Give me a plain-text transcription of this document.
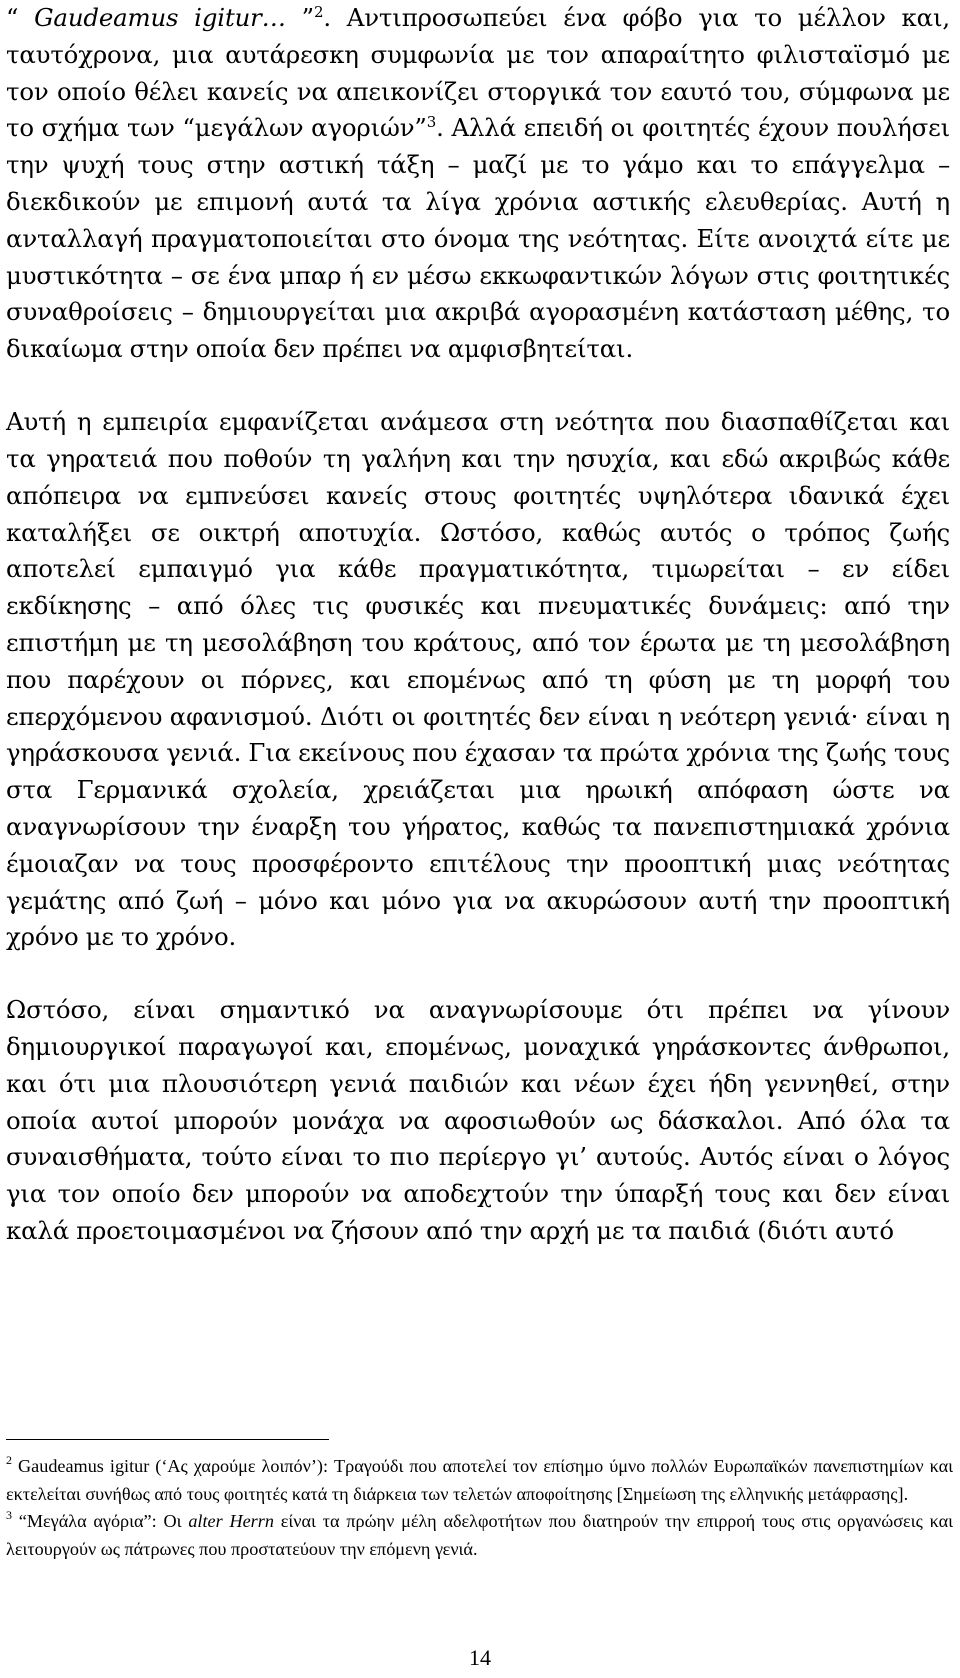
“ Gaudeamus igitur… ”$^2$. Αντιπροσωπεύει ένα φόβο για το μέλλον και, ταυτόχρονα, μια αυτάρεσκη συμφωνία με τον απαραίτητο φιλισταϊσμό με τον οποίο θέλει κανείς να απεικονίζει στοργικά τον εαυτό του, σύμφωνα με το σχήμα των “μεγάλων αγοριών”$^3$. Αλλά επειδή οι φοιτητές έχουν πουλήσει την ψυχή τους στην αστική τάξη – μαζί με το γάμο και το επάγγελμα – διεκδικούν με επιμονή αυτά τα λίγα χρόνια αστικής ελευθερίας. Αυτή η ανταλλαγή πραγματοποιείται στο όνομα της νεότητας. Είτε ανοιχτά είτε με μυστικότητα – σε ένα μπαρ ή εν μέσω εκκωφαντικών λόγων στις φοιτητικές συναθροίσεις – δημιουργείται μια ακριβά αγορασμένη κατάσταση μέθης, το δικαίωμα στην οποία δεν πρέπει να αμφισβητείται.

Αυτή η εμπειρία εμφανίζεται ανάμεσα στη νεότητα που διασπαθίζεται και τα γηρατειά που ποθούν τη γαλήνη και την ησυχία, και εδώ ακριβώς κάθε απόπειρα να εμπνεύσει κανείς στους φοιτητές υψηλότερα ιδανικά έχει καταλήξει σε οικτρή αποτυχία. Ωστόσο, καθώς αυτός ο τρόπος ζωής αποτελεί εμπαιγμό για κάθε πραγματικότητα, τιμωρείται – εν είδει εκδίκησης – από όλες τις φυσικές και πνευματικές δυνάμεις: από την επιστήμη με τη μεσολάβηση του κράτους, από τον έρωτα με τη μεσολάβηση που παρέχουν οι πόρνες, και επομένως από τη φύση με τη μορφή του επερχόμενου αφανισμού. Διότι οι φοιτητές δεν είναι η νεότερη γενιά· είναι η γηράσκουσα γενιά. Για εκείνους που έχασαν τα πρώτα χρόνια της ζωής τους στα Γερμανικά σχολεία, χρειάζεται μια ηρωική απόφαση ώστε να αναγνωρίσουν την έναρξη του γήρατος, καθώς τα πανεπιστημιακά χρόνια έμοιαζαν να τους προσφέροντο επιτέλους την προοπτική μιας νεότητας γεμάτης από ζωή – μόνο και μόνο για να ακυρώσουν αυτή την προοπτική χρόνο με το χρόνο.

Ωστόσο, είναι σημαντικό να αναγνωρίσουμε ότι πρέπει να γίνουν δημιουργικοί παραγωγοί και, επομένως, μοναχικά γηράσκοντες άνθρωποι, και ότι μια πλουσιότερη γενιά παιδιών και νέων έχει ήδη γεννηθεί, στην οποία αυτοί μπορούν μονάχα να αφοσιωθούν ως δάσκαλοι. Από όλα τα συναισθήματα, τούτο είναι το πιο περίεργο γι’ αυτούς. Αυτός είναι ο λόγος για τον οποίο δεν μπορούν να αποδεχτούν την ύπαρξή τους και δεν είναι καλά προετοιμασμένοι να ζήσουν από την αρχή με τα παιδιά (διότι αυτό

$^2$ Gaudeamus igitur (‘Ας χαρούμε λοιπόν’): Τραγούδι που αποτελεί τον επίσημο ύμνο πολλών Ευρωπαϊκών πανεπιστημίων και εκτελείται συνήθως από τους φοιτητές κατά τη διάρκεια των τελετών αποφοίτησης [Σημείωση της ελληνικής μετάφρασης].

$^3$ “Μεγάλα αγόρια”: Οι alter Herrn είναι τα πρώην μέλη αδελφοτήτων που διατηρούν την επιρροή τους στις οργανώσεις και λειτουργούν ως πάτρωνες που προστατεύουν την επόμενη γενιά.

14
